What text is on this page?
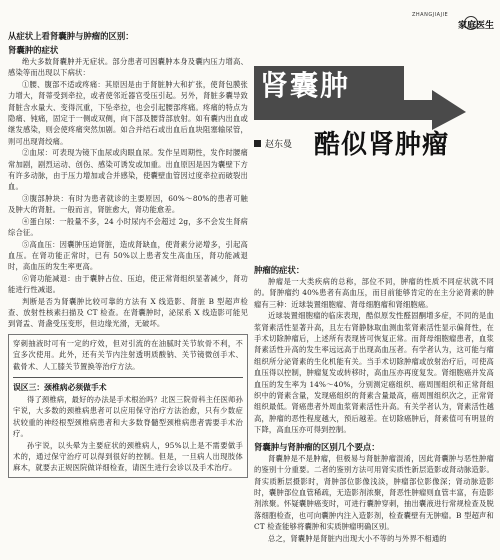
ZHANGJIAJIE
家庭医生
从症状上看肾囊肿与肿瘤的区别：
肾囊肿的症状

绝大多数肾囊肿并无症状。部分患者可因囊肿本身及囊内压力增高、感染等而出现以下病状：

①腰、腹部不适或疼痛：其原因是由于肾脏肿大和扩张，使肾包膜张力增大，肾蒂受到牵拉，或者使邻近器官受压引起。另外，肾脏多囊导致肾脏含水量大、变得沉重，下坠牵拉，也会引起腰部疼痛。疼痛的特点为隐痛、钝痛，固定于一侧或双侧，向下部及腰背部放射。如有囊内出血或继发感染，则会使疼痛突然加剧。如合并结石或出血后血块阻塞输尿管，则可出现肾绞痛。

②血尿：可表现为镜下血尿或肉眼血尿。发作呈周期性，发作时腰痛常加剧，剧烈运动、创伤、感染可诱发或加重。出血原因是因为囊壁下方有许多动脉，由于压力增加或合并感染，使囊壁血管因过度牵拉而破裂出血。

③腹部肿块：有时为患者就诊的主要原因，60%～80%的患者可触及肿大的肾脏。一般而言，肾脏愈大，肾功能愈差。

④蛋白尿：一般量不多，24 小时尿内不会超过 2g，多不会发生肾病综合征。

⑤高血压：因囊肿压迫肾脏，造成肾缺血，使肾素分泌增多，引起高血压。在肾功能正常时，已有 50%以上患者发生高血压，肾功能减退时，高血压的发生率更高。

⑥肾功能减退：由于囊肿占位、压迫，使正常肾组织显著减少，肾功能进行性减退。

判断是否为肾囊肿比较可靠的方法有 X 线造影、肾脏 B 型超声检查、放射性核素扫描及 CT 检查。在肾囊肿时，泌尿系 X 线造影可能见到肾盂、肾盏受压变形，但边缘光滑，无破坏。

穿刺抽液时可有一定的疗效，但对引流的在油腻时关节软骨不利，不宜多次使用。此外，还有关节内注射透明质酸钠、关节镜微创手术、截骨术、人工膝关节置换等治疗方法。

误区三：颈椎病必须做手术

得了颈椎病，最好的办法是手术根治吗？北医三院骨科主任医师孙宇说，大多数的颈椎病患者可以应用保守治疗方法治愈，只有少数症状较重的神经根型颈椎病患者和大多数脊髓型颈椎病患者需要手术治疗。

孙宇说，以头晕为主要症状的颈椎病人，95%以上是不需要做手术的，通过保守治疗可以得到很好的控制。但是，一旦病人出现肢体麻木，就要去正规医院做详细检查，请医生进行会诊以及手术治疗。

肾囊肿
赵东曼 酷似肾肿瘤
肿瘤的症状：

肿瘤是一大类疾病的总称，部位不同，肿瘤的性质不同症状就不同的。肾肿瘤约 40%患者有高血压，而目前能够肯定的在主分泌肾素的肿瘤有三种：近球装置细胞瘤、肾母细胞瘤和肾细胞癌。

近球装置细胞瘤的临床表现，酷似原发性醛固酮增多症，不同的是血浆肾素活性显著升高，且左右肾静脉取血测血浆肾素活性显示偏肾性，在手术切除肿瘤后，上述所有表现皆可恢复正常。而肾母细胞瘤患者，血浆肾素活性升高的发生率远远高于出现高血压者。有学者认为，这可能与瘤组织所分泌肾素的生化机能有关。当手术切除肿瘤或放射治疗后，可使高血压得以控制，肿瘤复发或转移时，高血压亦再度复发。肾细胞癌并发高血压的发生率为 14%～40%，分别测定癌组织、癌周围组织和正常肾组织中的肾素含量，发现癌组织的肾素含量最高，癌周围组织次之，正常肾组织最低。肾癌患者外周血浆肾素活性升高。有关学者认为，肾素活性越高，肿瘤的恶性程度越大，预后越差。在切除癌肿后，肾素值可有明显的下降，高血压亦可得到控制。

肾囊肿与肾肿瘤的区别几个要点：

肾囊肿是不是肿瘤，但极易与肾脏肿瘤混淆，因此肾囊肿与恶性肿瘤的鉴别十分重要。二者的鉴别方法可用肾实质性新层造影或肾动脉造影。肾实质断层摄影时，肾肿部位影像浅淡，肿瘤部位影像深；肾动脉造影时，囊肿部位血管稀疏，无造影剂浓聚，肾恶性肿瘤则血管丰富，有造影剂浓聚。怀疑囊肿癌变时，可进行囊肿穿刺，抽出囊液进行常规检查及脱落细胞检查，也可向囊肿内注入造影剂，检查囊壁有无肿瘤。B 型超声和 CT 检查能够将囊肿和实质肿瘤明确区别。

总之，肾囊肿是肾脏内出现大小不等的与外界不相通的
